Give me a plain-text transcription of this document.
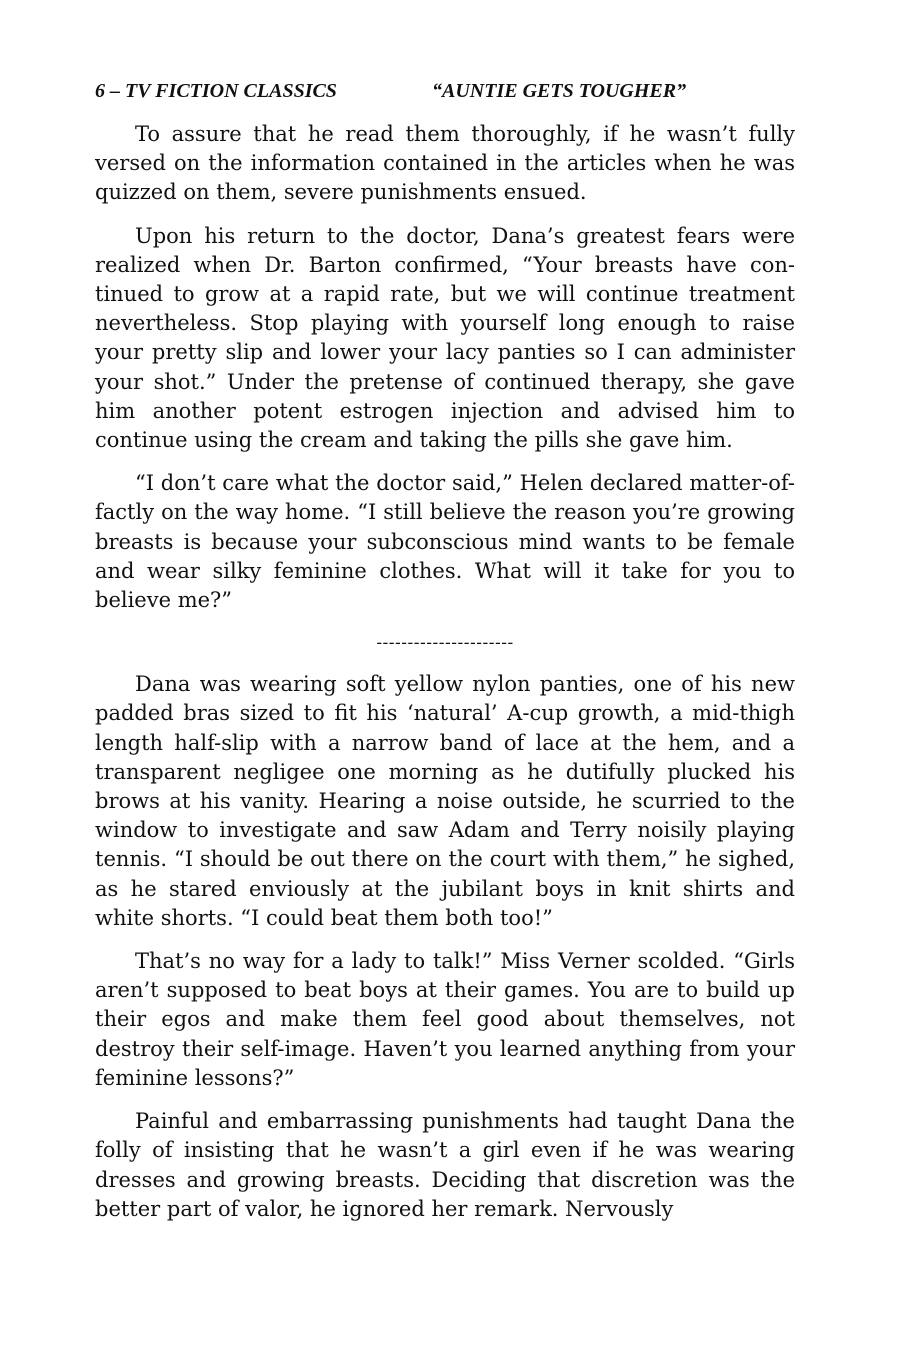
6 – TV FICTION CLASSICS	“AUNTIE GETS TOUGHER”

To assure that he read them thoroughly, if he wasn’t fully versed on the information contained in the articles when he was quizzed on them, severe punishments ensued.

Upon his return to the doctor, Dana’s greatest fears were realized when Dr. Barton confirmed, “Your breasts have continued to grow at a rapid rate, but we will continue treatment nevertheless. Stop playing with yourself long enough to raise your pretty slip and lower your lacy panties so I can administer your shot.” Under the pretense of continued therapy, she gave him another potent estrogen injection and advised him to continue using the cream and taking the pills she gave him.

“I don’t care what the doctor said,” Helen declared matter-of-factly on the way home. “I still believe the reason you’re growing breasts is because your subconscious mind wants to be female and wear silky feminine clothes. What will it take for you to believe me?”

----------------------

Dana was wearing soft yellow nylon panties, one of his new padded bras sized to fit his ‘natural’ A-cup growth, a mid-thigh length half-slip with a narrow band of lace at the hem, and a transparent negligee one morning as he dutifully plucked his brows at his vanity. Hearing a noise outside, he scurried to the window to investigate and saw Adam and Terry noisily playing tennis. “I should be out there on the court with them,” he sighed, as he stared enviously at the jubilant boys in knit shirts and white shorts. “I could beat them both too!”

That’s no way for a lady to talk!” Miss Verner scolded. “Girls aren’t supposed to beat boys at their games. You are to build up their egos and make them feel good about themselves, not destroy their self-image. Haven’t you learned anything from your feminine lessons?”

Painful and embarrassing punishments had taught Dana the folly of insisting that he wasn’t a girl even if he was wearing dresses and growing breasts. Deciding that discretion was the better part of valor, he ignored her remark. Nervously
